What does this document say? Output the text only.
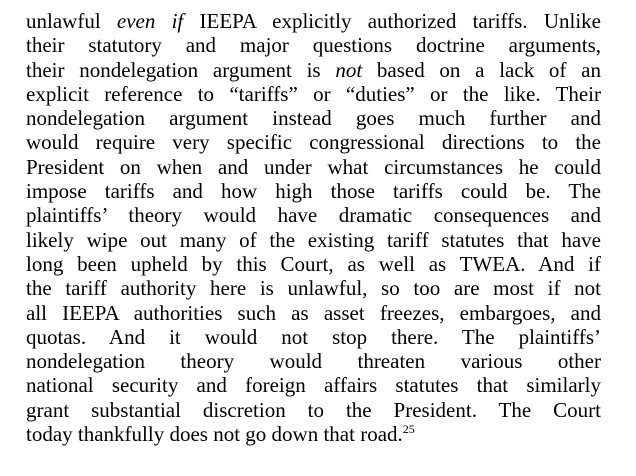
unlawful even if IEEPA explicitly authorized tariffs. Unlike
their statutory and major questions doctrine arguments,
their nondelegation argument is not based on a lack of an
explicit reference to “tariffs” or “duties” or the like. Their
nondelegation argument instead goes much further and
would require very specific congressional directions to the
President on when and under what circumstances he could
impose tariffs and how high those tariffs could be. The
plaintiffs’ theory would have dramatic consequences and
likely wipe out many of the existing tariff statutes that have
long been upheld by this Court, as well as TWEA. And if
the tariff authority here is unlawful, so too are most if not
all IEEPA authorities such as asset freezes, embargoes, and
quotas. And it would not stop there. The plaintiffs’
nondelegation theory would threaten various other
national security and foreign affairs statutes that similarly
grant substantial discretion to the President. The Court
today thankfully does not go down that road.$^{25}$
